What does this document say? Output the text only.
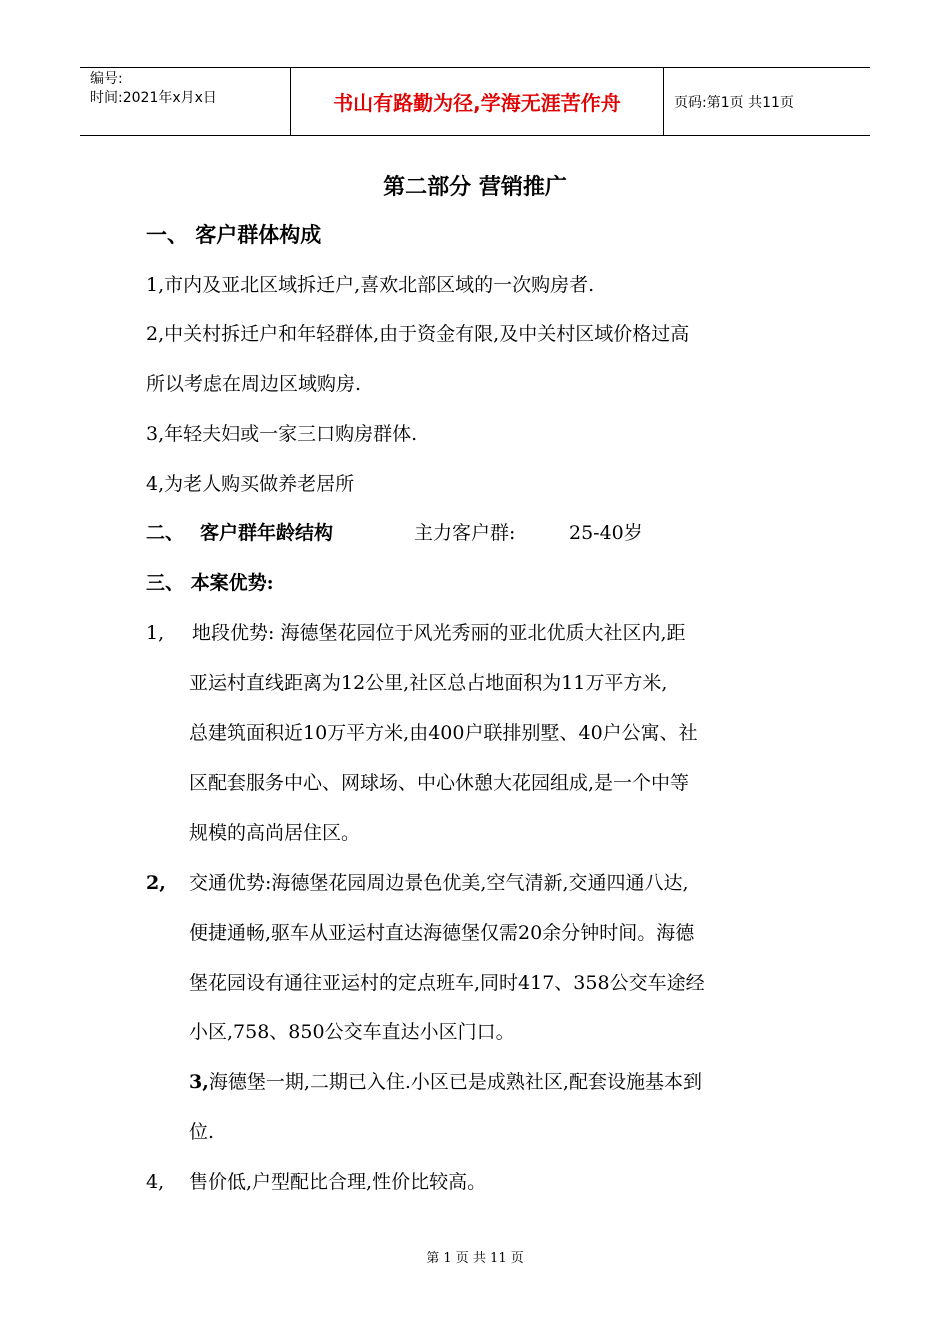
编号:
时间:2021年x月x日	书山有路勤为径,学海无涯苦作舟	页码:第1页 共11页
第二部分 营销推广
一、 客户群体构成
1,市内及亚北区域拆迁户,喜欢北部区域的一次购房者.
2,中关村拆迁户和年轻群体,由于资金有限,及中关村区域价格过高
所以考虑在周边区域购房.
3,年轻夫妇或一家三口购房群体.
4,为老人购买做养老居所
二、 客户群年龄结构	主力客户群:	25-40岁
三、 本案优势:
1, 地段优势: 海德堡花园位于风光秀丽的亚北优质大社区内,距
亚运村直线距离为12公里,社区总占地面积为11万平方米,
总建筑面积近10万平方米,由400户联排别墅、40户公寓、社
区配套服务中心、网球场、中心休憩大花园组成,是一个中等
规模的高尚居住区。
2, 交通优势:海德堡花园周边景色优美,空气清新,交通四通八达,
便捷通畅,驱车从亚运村直达海德堡仅需20余分钟时间。海德
堡花园设有通往亚运村的定点班车,同时417、358公交车途经
小区,758、850公交车直达小区门口。
3,海德堡一期,二期已入住.小区已是成熟社区,配套设施基本到
位.
4, 售价低,户型配比合理,性价比较高。
第 1 页 共 11 页
